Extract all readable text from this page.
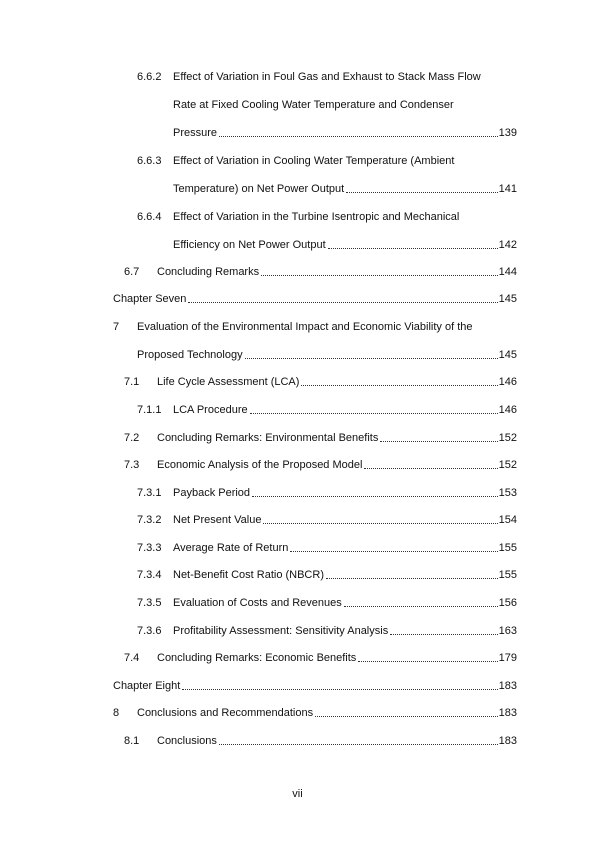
6.6.2 Effect of Variation in Foul Gas and Exhaust to Stack Mass Flow
Rate at Fixed Cooling Water Temperature and Condenser
Pressure	139
6.6.3 Effect of Variation in Cooling Water Temperature (Ambient
Temperature) on Net Power Output	141
6.6.4 Effect of Variation in the Turbine Isentropic and Mechanical
Efficiency on Net Power Output	142
6.7 Concluding Remarks	144
Chapter Seven	145
7 Evaluation of the Environmental Impact and Economic Viability of the
Proposed Technology	145
7.1 Life Cycle Assessment (LCA)	146
7.1.1 LCA Procedure	146
7.2 Concluding Remarks: Environmental Benefits	152
7.3 Economic Analysis of the Proposed Model	152
7.3.1 Payback Period	153
7.3.2 Net Present Value	154
7.3.3 Average Rate of Return	155
7.3.4 Net-Benefit Cost Ratio (NBCR)	155
7.3.5 Evaluation of Costs and Revenues	156
7.3.6 Profitability Assessment: Sensitivity Analysis	163
7.4 Concluding Remarks: Economic Benefits	179
Chapter Eight	183
8 Conclusions and Recommendations	183
8.1 Conclusions	183
vii
